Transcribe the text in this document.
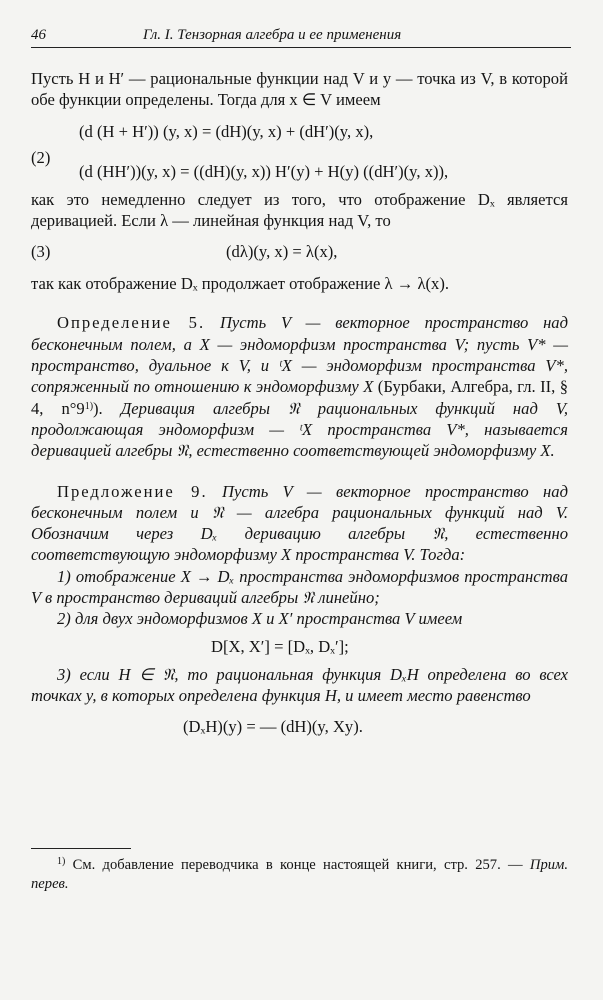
46	Гл. I. Тензорная алгебра и ее применения

Пусть H и H′ — рациональные функции над V и y — точка из V, в которой обе функции определены. Тогда для x ∈ V имеем

(d (H + H′)) (y, x) = (dH)(y, x) + (dH′)(y, x),
(2)
(d (HH′))(y, x) = ((dH)(y, x)) H′(y) + H(y) ((dH′)(y, x)),

как это немедленно следует из того, что отображение Dₓ является деривацией. Если λ — линейная функция над V, то

(3)	(dλ)(y, x) = λ(x),

так как отображение Dₓ продолжает отображение λ → λ(x).

Определение 5. Пусть V — векторное пространство над бесконечным полем, а X — эндоморфизм пространства V; пусть V* — пространство, дуальное к V, и ᵗX — эндоморфизм пространства V*, сопряженный по отношению к эндоморфизму X (Бурбаки, Алгебра, гл. II, § 4, n°9$^{1)}$). Деривация алгебры 𝔑 рациональных функций над V, продолжающая эндоморфизм — ᵗX пространства V*, называется деривацией алгебры 𝔑, естественно соответствующей эндоморфизму X.

Предложение 9. Пусть V — векторное пространство над бесконечным полем и 𝔑 — алгебра рациональных функций над V. Обозначим через Dₓ деривацию алгебры 𝔑, естественно соответствующую эндоморфизму X пространства V. Тогда:

1) отображение X → Dₓ пространства эндоморфизмов пространства V в пространство дериваций алгебры 𝔑 линейно;

2) для двух эндоморфизмов X и X′ пространства V имеем

D[X, X′] = [Dₓ, Dₓ′];

3) если H ∈ 𝔑, то рациональная функция DₓH определена во всех точках y, в которых определена функция H, и имеет место равенство

(DₓH)(y) = — (dH)(y, Xy).

$^{1)}$ См. добавление переводчика в конце настоящей книги, стр. 257. — Прим. перев.
